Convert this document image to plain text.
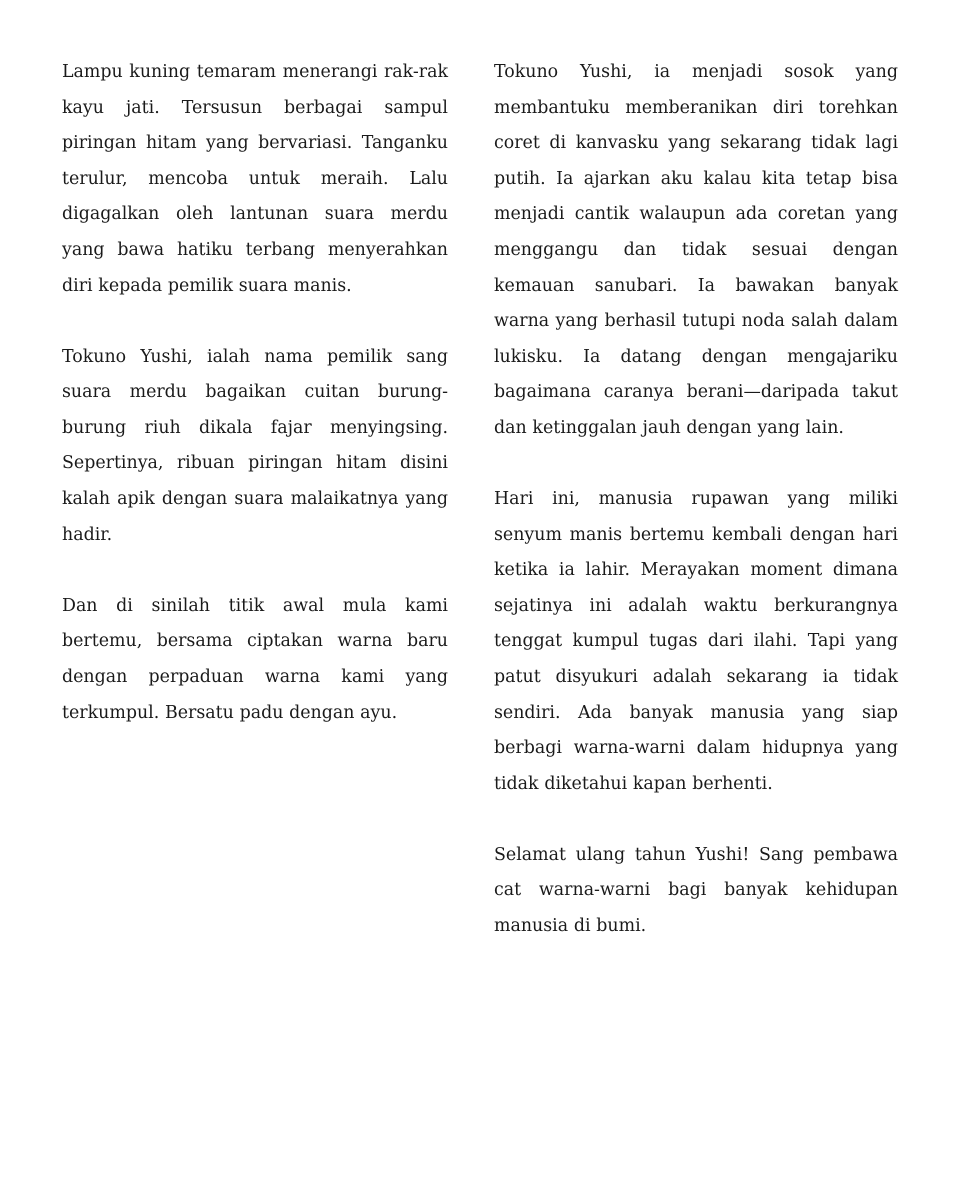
Lampu kuning temaram menerangi rak-rak kayu jati. Tersusun berbagai sampul piringan hitam yang bervariasi. Tanganku terulur, mencoba untuk meraih. Lalu digagalkan oleh lantunan suara merdu yang bawa hatiku terbang menyerahkan diri kepada pemilik suara manis.

Tokuno Yushi, ialah nama pemilik sang suara merdu bagaikan cuitan burung-burung riuh dikala fajar menyingsing. Sepertinya, ribuan piringan hitam disini kalah apik dengan suara malaikatnya yang hadir.

Dan di sinilah titik awal mula kami bertemu, bersama ciptakan warna baru dengan perpaduan warna kami yang terkumpul. Bersatu padu dengan ayu.

Tokuno Yushi, ia menjadi sosok yang membantuku memberanikan diri torehkan coret di kanvasku yang sekarang tidak lagi putih. Ia ajarkan aku kalau kita tetap bisa menjadi cantik walaupun ada coretan yang menggangu dan tidak sesuai dengan kemauan sanubari. Ia bawakan banyak warna yang berhasil tutupi noda salah dalam lukisku. Ia datang dengan mengajariku bagaimana caranya berani—daripada takut dan ketinggalan jauh dengan yang lain.

Hari ini, manusia rupawan yang miliki senyum manis bertemu kembali dengan hari ketika ia lahir. Merayakan moment dimana sejatinya ini adalah waktu berkurangnya tenggat kumpul tugas dari ilahi. Tapi yang patut disyukuri adalah sekarang ia tidak sendiri. Ada banyak manusia yang siap berbagi warna-warni dalam hidupnya yang tidak diketahui kapan berhenti.

Selamat ulang tahun Yushi! Sang pembawa cat warna-warni bagi banyak kehidupan manusia di bumi.
